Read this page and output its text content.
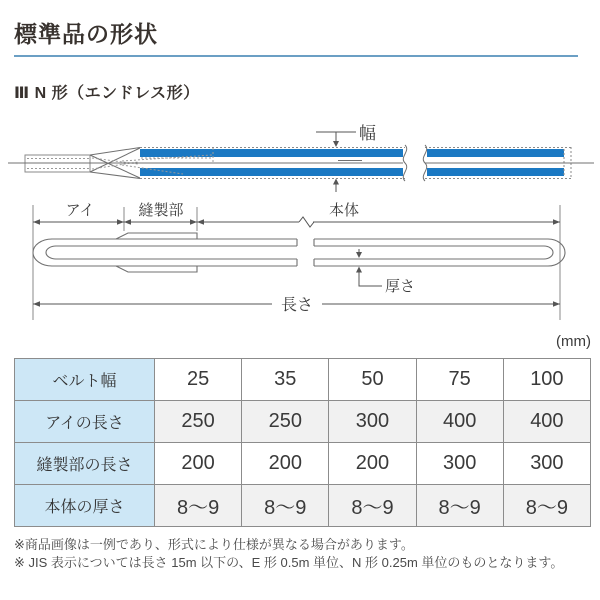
標準品の形状
Ⅲ N 形（エンドレス形）
幅
アイ	縫製部	本体
厚さ
長さ
(mm)
ベルト幅	25	35	50	75	100
アイの長さ	250	250	300	400	400
縫製部の長さ	200	200	200	300	300
本体の厚さ	8～9	8～9	8～9	8～9	8～9
※商品画像は一例であり、形式により仕様が異なる場合があります。
※ JIS 表示については長さ 15m 以下の、E 形 0.5m 単位、N 形 0.25m 単位のものとなります。
